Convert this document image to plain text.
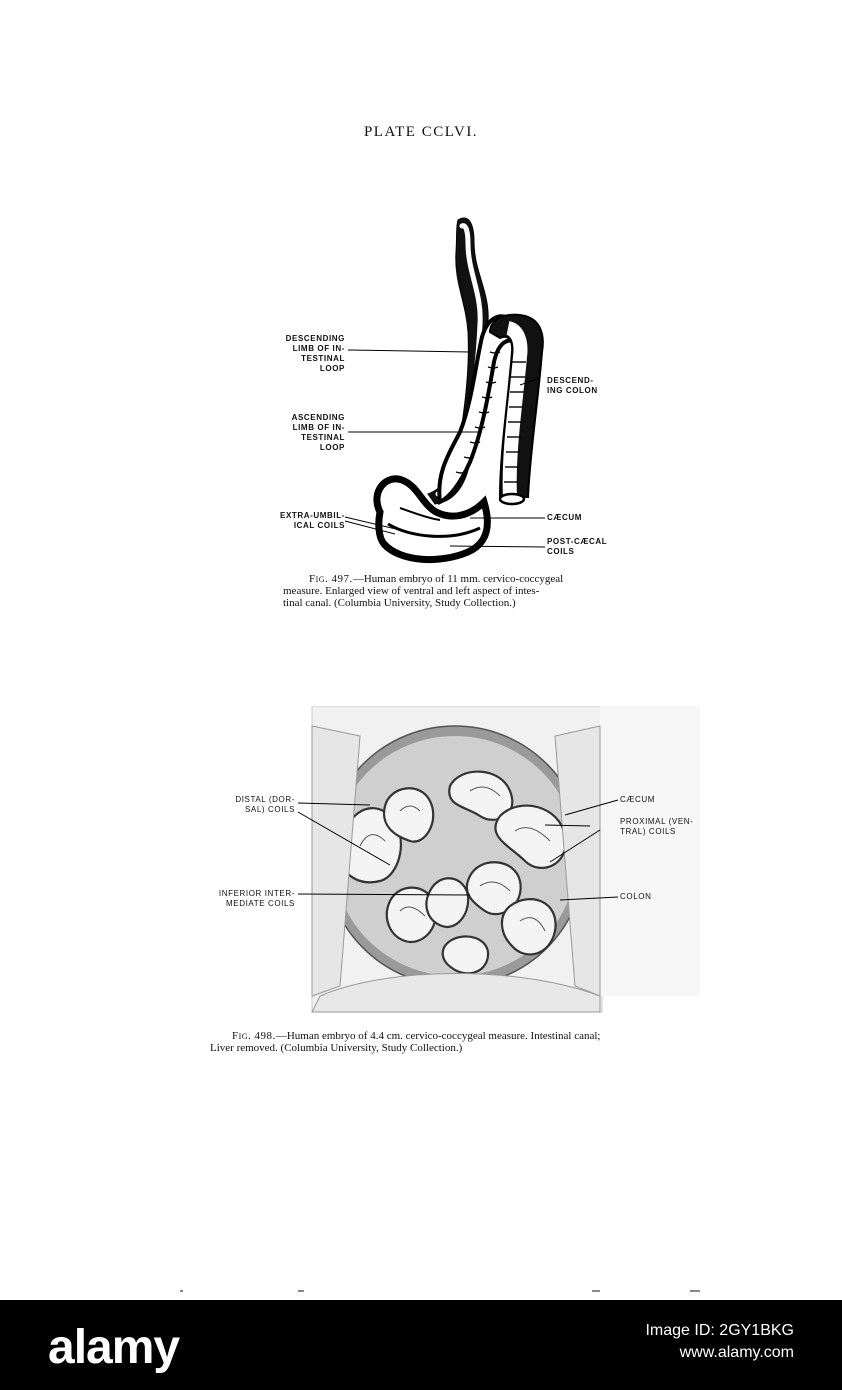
PLATE CCLVI.
DESCENDING
LIMB OF IN-
TESTINAL
LOOP
ASCENDING
LIMB OF IN-
TESTINAL
LOOP
EXTRA-UMBIL-
ICAL COILS
DESCEND-
ING COLON
CÆCUM
POST-CÆCAL
COILS
Fig. 497.—Human embryo of 11 mm. cervico-coccygeal
measure. Enlarged view of ventral and left aspect of intes-
tinal canal. (Columbia University, Study Collection.)
DISTAL (DOR-
SAL) COILS
INFERIOR INTER-
MEDIATE COILS
CÆCUM
PROXIMAL (VEN-
TRAL) COILS
COLON
Fig. 498.—Human embryo of 4.4 cm. cervico-coccygeal measure. Intestinal canal;
Liver removed. (Columbia University, Study Collection.)
alamy	Image ID: 2GY1BKG
www.alamy.com
